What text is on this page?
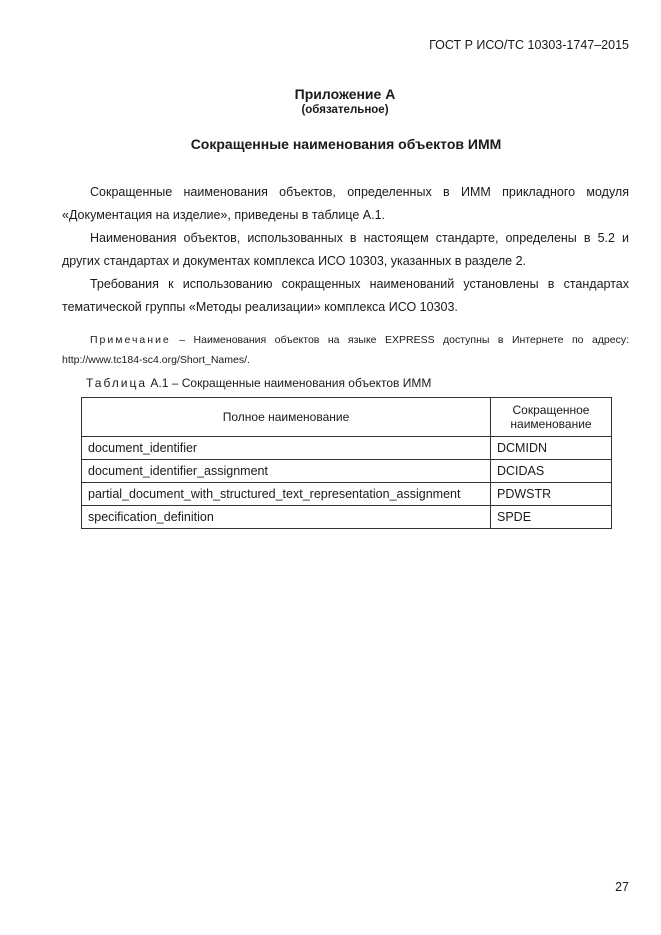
ГОСТ Р ИСО/ТС 10303-1747–2015
Приложение А
(обязательное)
Сокращенные наименования объектов ИММ

Сокращенные наименования объектов, определенных в ИММ прикладного модуля «Документация на изделие», приведены в таблице А.1.

Наименования объектов, использованных в настоящем стандарте, определены в 5.2 и других стандартах и документах комплекса ИСО 10303, указанных в разделе 2.

Требования к использованию сокращенных наименований установлены в стандартах тематической группы «Методы реализации» комплекса ИСО 10303.

Примечание – Наименования объектов на языке EXPRESS доступны в Интернете по адресу: http://www.tc184-sc4.org/Short_Names/.
Таблица А.1 – Сокращенные наименования объектов ИММ
Полное наименование	Сокращенное наименование
document_identifier	DCMIDN
document_identifier_assignment	DCIDAS
partial_document_with_structured_text_representation_assignment	PDWSTR
specification_definition	SPDE
27
